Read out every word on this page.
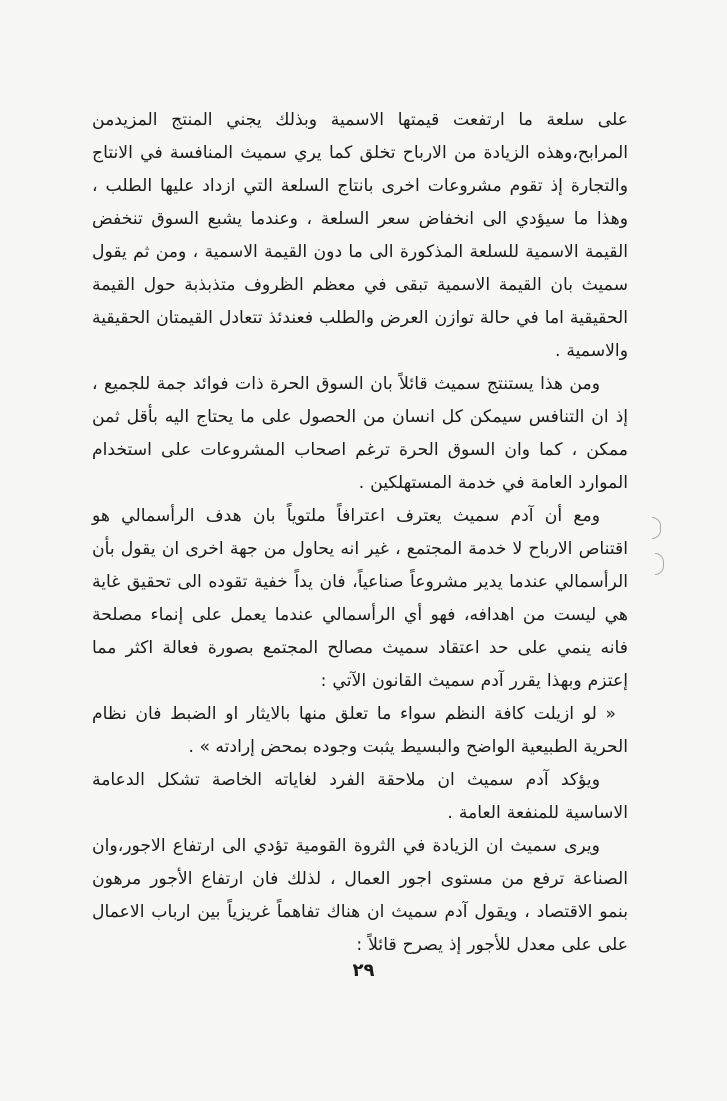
على سلعة ما ارتفعت قيمتها الاسمية وبذلك يجني المنتج المزيدمن المرابح،وهذه الزيادة من الارباح تخلق كما يري سميث المنافسة في الانتاج والتجارة إذ تقوم مشروعات اخرى بانتاج السلعة التي ازداد عليها الطلب ، وهذا ما سيؤدي الى انخفاض سعر السلعة ، وعندما يشبع السوق تنخفض القيمة الاسمية للسلعة المذكورة الى ما دون القيمة الاسمية ، ومن ثم يقول سميث بان القيمة الاسمية تبقى في معظم الظروف متذبذبة حول القيمة الحقيقية اما في حالة توازن العرض والطلب فعندئذ تتعادل القيمتان الحقيقية والاسمية .

ومن هذا يستنتج سميث قائلاً بان السوق الحرة ذات فوائد جمة للجميع ، إذ ان التنافس سيمكن كل انسان من الحصول على ما يحتاج اليه بأقل ثمن ممكن ، كما وان السوق الحرة ترغم اصحاب المشروعات على استخدام الموارد العامة في خدمة المستهلكين .

ومع أن آدم سميث يعترف اعترافاً ملتوياً بان هدف الرأسمالي هو اقتناص الارباح لا خدمة المجتمع ، غير انه يحاول من جهة اخرى ان يقول بأن الرأسمالي عندما يدير مشروعاً صناعياً، فان يداً خفية تقوده الى تحقيق غاية هي ليست من اهدافه، فهو أي الرأسمالي عندما يعمل على إنماء مصلحة فانه ينمي على حد اعتقاد سميث مصالح المجتمع بصورة فعالة اكثر مما إعتزم وبهذا يقرر آدم سميث القانون الآتي :

« لو ازيلت كافة النظم سواء ما تعلق منها بالايثار او الضبط فان نظام الحرية الطبيعية الواضح والبسيط يثبت وجوده بمحض إرادته » .

ويؤكد آدم سميث ان ملاحقة الفرد لغاياته الخاصة تشكل الدعامة الاساسية للمنفعة العامة .

ويرى سميث ان الزيادة في الثروة القومية تؤدي الى ارتفاع الاجور،وان الصناعة ترفع من مستوى اجور العمال ، لذلك فان ارتفاع الأجور مرهون بنمو الاقتصاد ، ويقول آدم سميث ان هناك تفاهماً غريزياً بين ارباب الاعمال على على معدل للأجور إذ يصرح قائلاً :

٢٩
